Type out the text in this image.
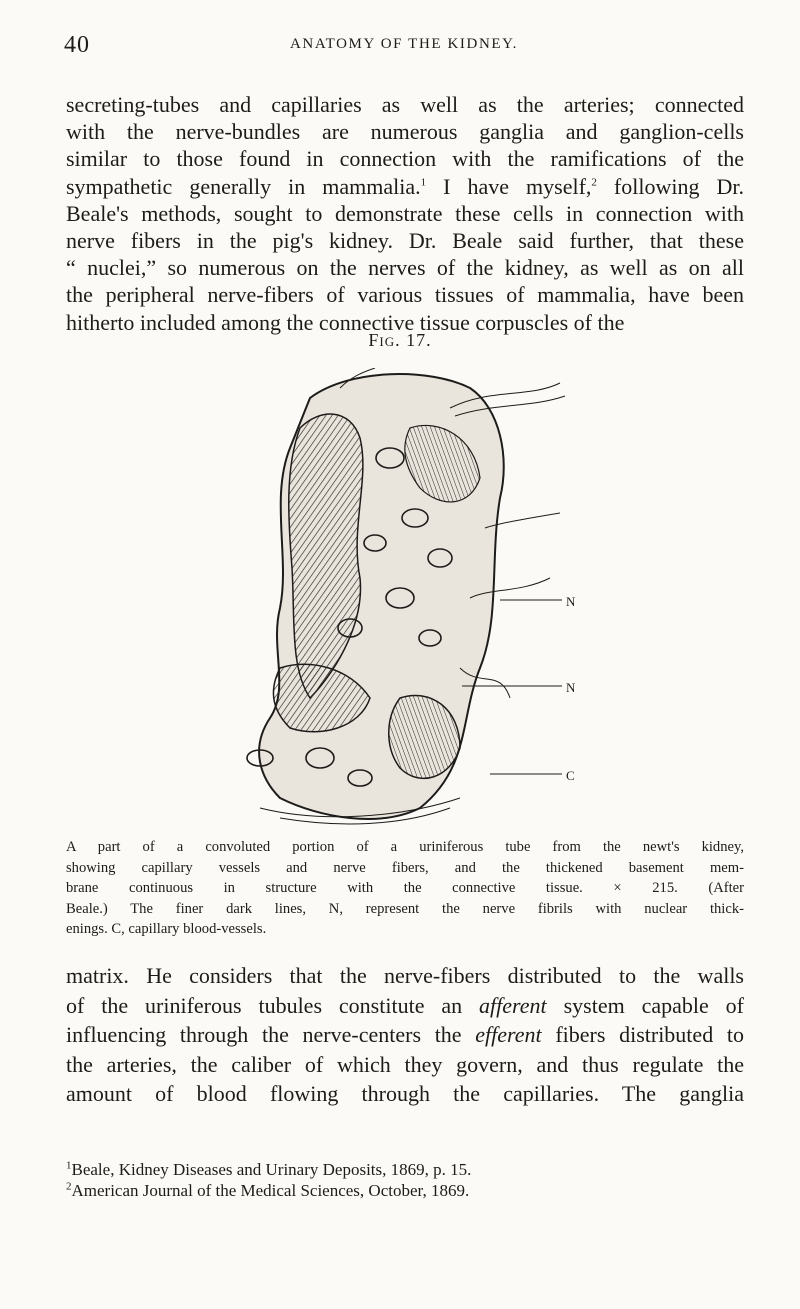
40	ANATOMY OF THE KIDNEY.
secreting-tubes and capillaries as well as the arteries; connected
with the nerve-bundles are numerous ganglia and ganglion-cells
similar to those found in connection with the ramifications of the
sympathetic generally in mammalia.$^1$ I have myself,$^2$ following Dr.
Beale's methods, sought to demonstrate these cells in connection with
nerve fibers in the pig's kidney. Dr. Beale said further, that these
“ nuclei,” so numerous on the nerves of the kidney, as well as on all
the peripheral nerve-fibers of various tissues of mammalia, have been
hitherto included among the connective tissue corpuscles of the
Fig. 17.
N
N
C
A part of a convoluted portion of a uriniferous tube from the newt's kidney,
showing capillary vessels and nerve fibers, and the thickened basement mem-
brane continuous in structure with the connective tissue. × 215. (After
Beale.) The finer dark lines, N, represent the nerve fibrils with nuclear thick-
enings. C, capillary blood-vessels.
matrix. He considers that the nerve-fibers distributed to the walls
of the uriniferous tubules constitute an afferent system capable of
influencing through the nerve-centers the efferent fibers distributed to
the arteries, the caliber of which they govern, and thus regulate the
amount of blood flowing through the capillaries. The ganglia
$^1$Beale, Kidney Diseases and Urinary Deposits, 1869, p. 15.
$^2$American Journal of the Medical Sciences, October, 1869.
